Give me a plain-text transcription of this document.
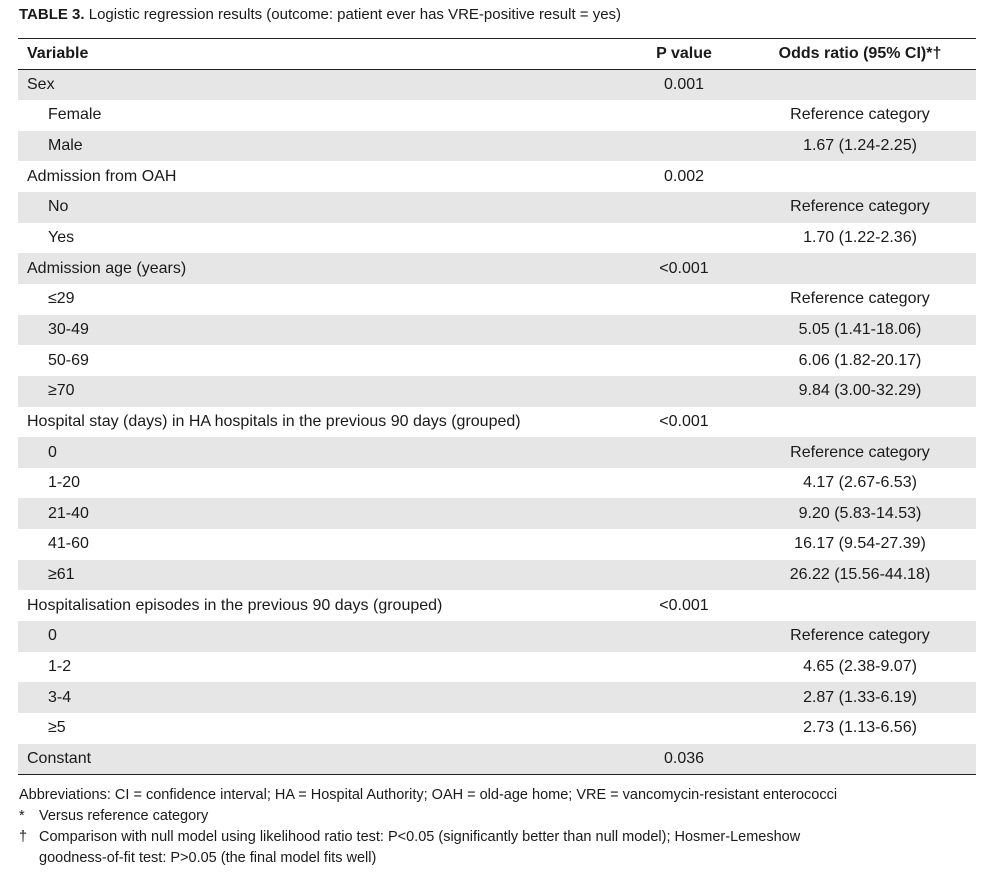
TABLE 3. Logistic regression results (outcome: patient ever has VRE-positive result = yes)
Variable	P value	Odds ratio (95% CI)*†
Sex	0.001	
Female		Reference category
Male		1.67 (1.24-2.25)
Admission from OAH	0.002	
No		Reference category
Yes		1.70 (1.22-2.36)
Admission age (years)	<0.001	
≤29		Reference category
30-49		5.05 (1.41-18.06)
50-69		6.06 (1.82-20.17)
≥70		9.84 (3.00-32.29)
Hospital stay (days) in HA hospitals in the previous 90 days (grouped)	<0.001	
0		Reference category
1-20		4.17 (2.67-6.53)
21-40		9.20 (5.83-14.53)
41-60		16.17 (9.54-27.39)
≥61		26.22 (15.56-44.18)
Hospitalisation episodes in the previous 90 days (grouped)	<0.001	
0		Reference category
1-2		4.65 (2.38-9.07)
3-4		2.87 (1.33-6.19)
≥5		2.73 (1.13-6.56)
Constant	0.036	
Abbreviations: CI = confidence interval; HA = Hospital Authority; OAH = old-age home; VRE = vancomycin-resistant enterococci
* Versus reference category
† Comparison with null model using likelihood ratio test: P<0.05 (significantly better than null model); Hosmer-Lemeshow
goodness-of-fit test: P>0.05 (the final model fits well)
